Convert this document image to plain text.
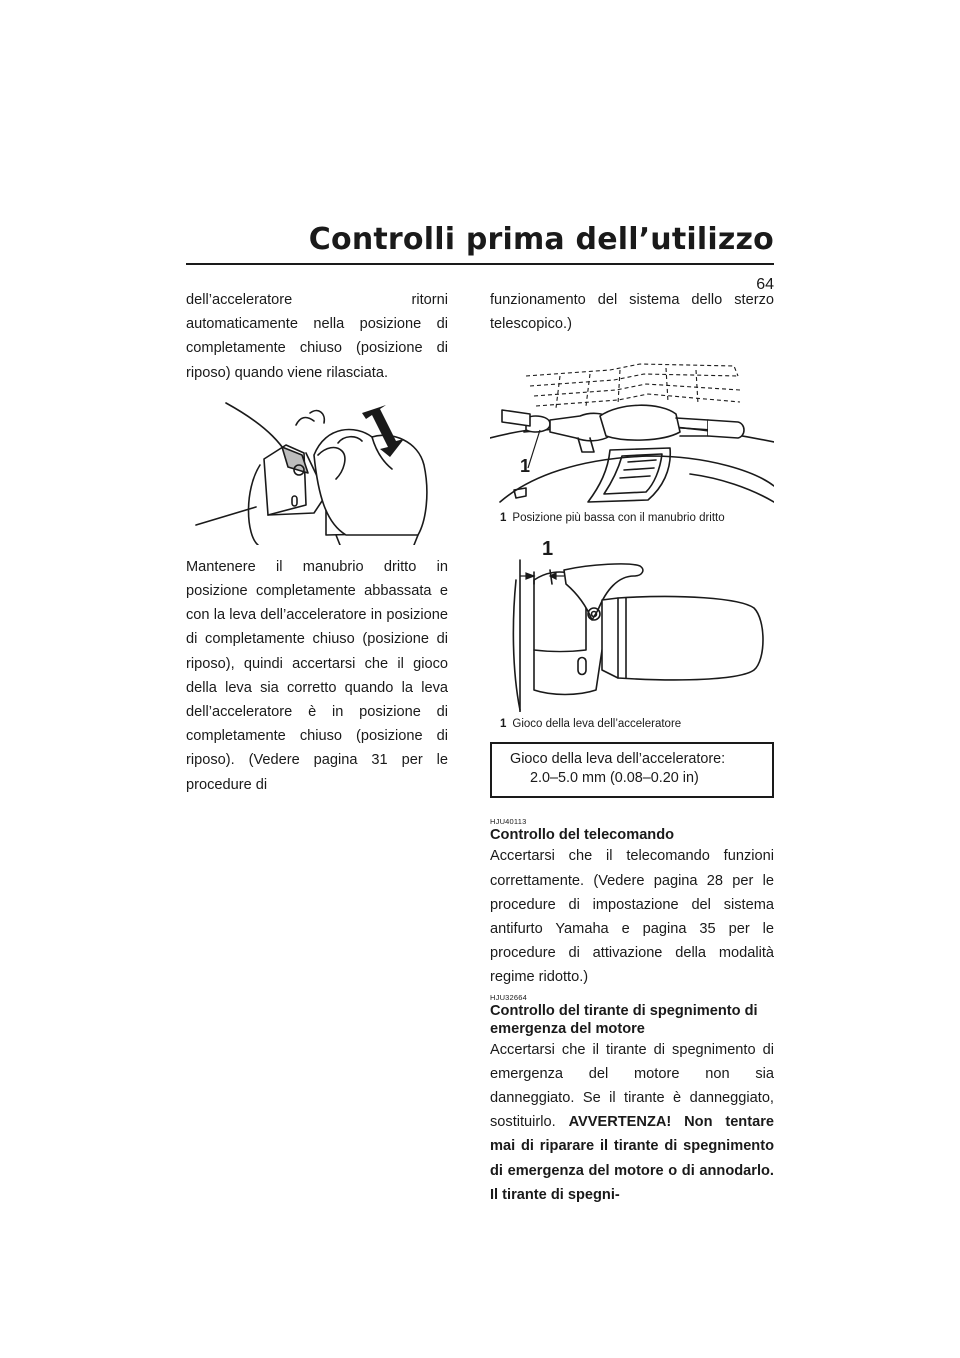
Controlli prima dell’utilizzo
64

dell’acceleratore ritorni automaticamente nella posizione di completamente chiuso (posizione di riposo) quando viene rilasciata.

Mantenere il manubrio dritto in posizione completamente abbassata e con la leva dell’acceleratore in posizione di completamente chiuso (posizione di riposo), quindi accertarsi che il gioco della leva sia corretto quando la leva dell’acceleratore è in posizione di completamente chiuso (posizione di riposo). (Vedere pagina 31 per le procedure di

funzionamento del sistema dello sterzo telescopico.)

1
1 Posizione più bassa con il manubrio dritto
1
1 Gioco della leva dell’acceleratore
Gioco della leva dell’acceleratore:
2.0–5.0 mm (0.08–0.20 in)
HJU40113
Controllo del telecomando

Accertarsi che il telecomando funzioni correttamente. (Vedere pagina 28 per le procedure di impostazione del sistema antifurto Yamaha e pagina 35 per le procedure di attivazione della modalità regime ridotto.)

HJU32664
Controllo del tirante di spegnimento di emergenza del motore

Accertarsi che il tirante di spegnimento di emergenza del motore non sia danneggiato. Se il tirante è danneggiato, sostituirlo. AVVERTENZA! Non tentare mai di riparare il tirante di spegnimento di emergenza del motore o di annodarlo. Il tirante di spegni-
